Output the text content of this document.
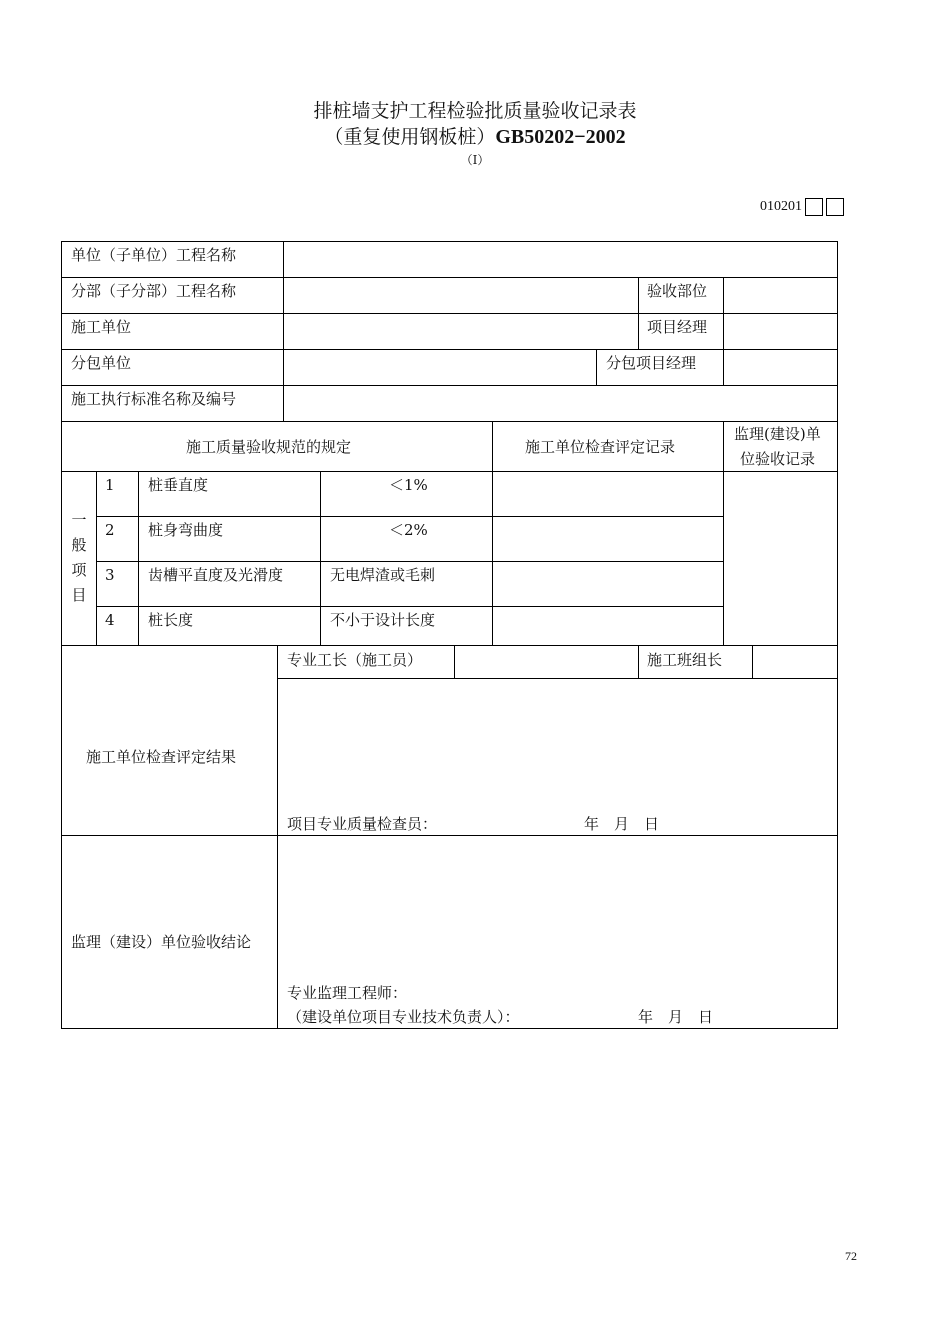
排桩墙支护工程检验批质量验收记录表
（重复使用钢板桩）GB50202−2002
（Ⅰ）
010201
单位（子单位）工程名称
分部（子分部）工程名称	验收部位
施工单位	项目经理
分包单位	分包项目经理
施工执行标准名称及编号
施工质量验收规范的规定	施工单位检查评定记录
监理(建设)单
位验收记录
一
般
项
目
1 桩垂直度	＜1%
2 桩身弯曲度	＜2%
3 齿槽平直度及光滑度	无电焊渣或毛刺
4 桩长度	不小于设计长度
施工单位检查评定结果
专业工长（施工员）	施工班组长
项目专业质量检查员：	年　月　日
监理（建设）单位验收结论
专业监理工程师：
（建设单位项目专业技术负责人）：	年　月　日
72
